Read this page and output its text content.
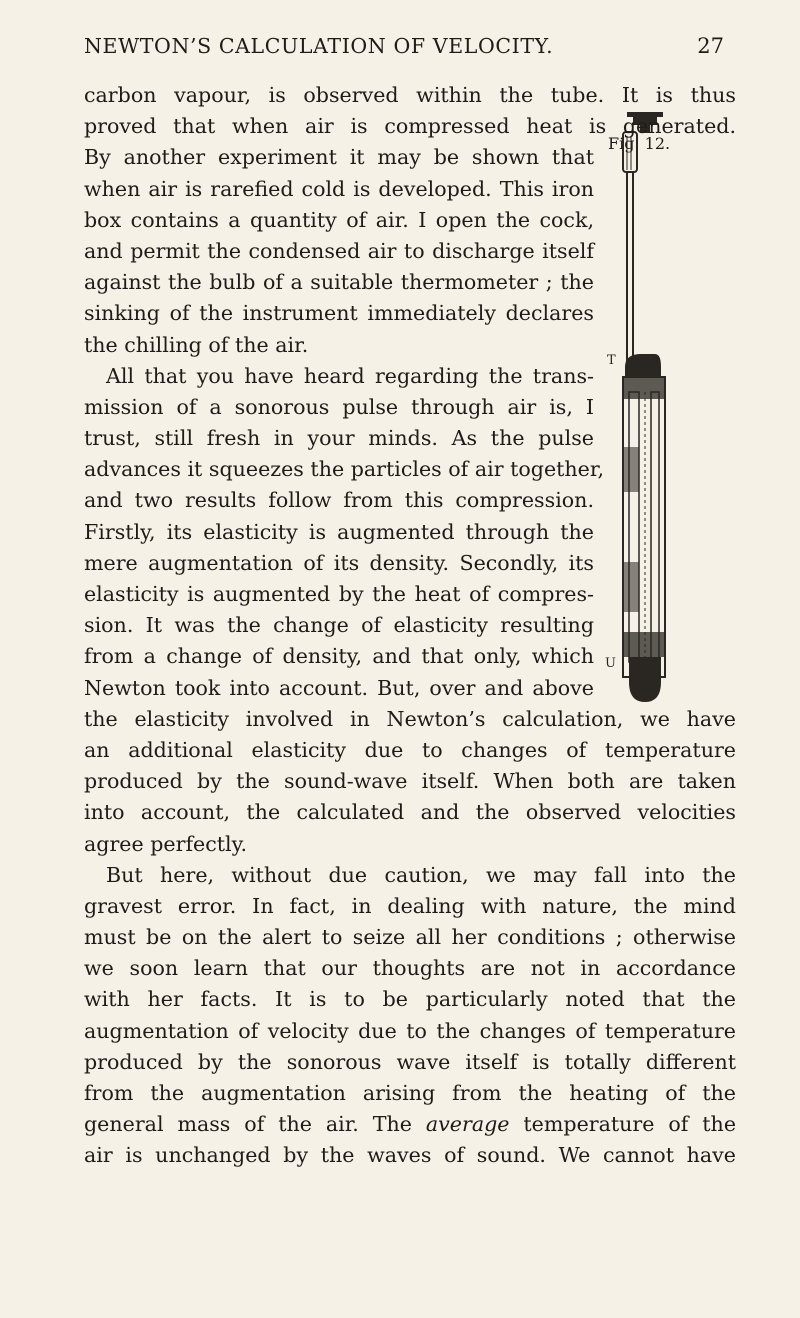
NEWTON’S CALCULATION OF VELOCITY.	27
Fig. 12.
T
U
carbon vapour, is observed within the tube. It is thus
proved that when air is compressed heat is generated.
By another experiment it may be shown that
when air is rarefied cold is developed. This iron
box contains a quantity of air. I open the cock,
and permit the condensed air to discharge itself
against the bulb of a suitable thermometer ; the
sinking of the instrument immediately declares
the chilling of the air.
All that you have heard regarding the trans-
mission of a sonorous pulse through air is, I
trust, still fresh in your minds. As the pulse
advances it squeezes the particles of air together,
and two results follow from this compression.
Firstly, its elasticity is augmented through the
mere augmentation of its density. Secondly, its
elasticity is augmented by the heat of compres-
sion. It was the change of elasticity resulting
from a change of density, and that only, which
Newton took into account. But, over and above
the elasticity involved in Newton’s calculation, we have
an additional elasticity due to changes of temperature
produced by the sound-wave itself. When both are taken
into account, the calculated and the observed velocities
agree perfectly.
But here, without due caution, we may fall into the
gravest error. In fact, in dealing with nature, the mind
must be on the alert to seize all her conditions ; otherwise
we soon learn that our thoughts are not in accordance
with her facts. It is to be particularly noted that the
augmentation of velocity due to the changes of temperature
produced by the sonorous wave itself is totally different
from the augmentation arising from the heating of the
general mass of the air. The average temperature of the
air is unchanged by the waves of sound. We cannot have
